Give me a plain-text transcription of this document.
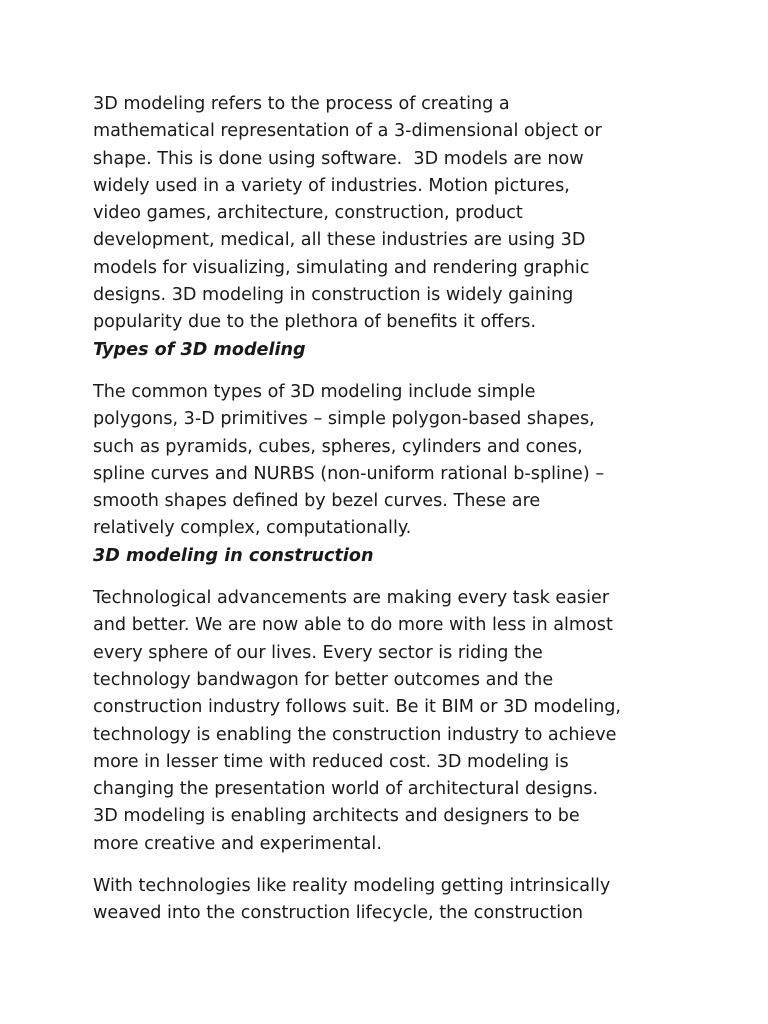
3D modeling refers to the process of creating a
mathematical representation of a 3-dimensional object or
shape. This is done using software.  3D models are now
widely used in a variety of industries. Motion pictures,
video games, architecture, construction, product
development, medical, all these industries are using 3D
models for visualizing, simulating and rendering graphic
designs. 3D modeling in construction is widely gaining
popularity due to the plethora of benefits it offers.

Types of 3D modeling

The common types of 3D modeling include simple
polygons, 3-D primitives – simple polygon-based shapes,
such as pyramids, cubes, spheres, cylinders and cones,
spline curves and NURBS (non-uniform rational b-spline) –
smooth shapes defined by bezel curves. These are
relatively complex, computationally.

3D modeling in construction

Technological advancements are making every task easier
and better. We are now able to do more with less in almost
every sphere of our lives. Every sector is riding the
technology bandwagon for better outcomes and the
construction industry follows suit. Be it BIM or 3D modeling,
technology is enabling the construction industry to achieve
more in lesser time with reduced cost. 3D modeling is
changing the presentation world of architectural designs.
3D modeling is enabling architects and designers to be
more creative and experimental.

With technologies like reality modeling getting intrinsically
weaved into the construction lifecycle, the construction
